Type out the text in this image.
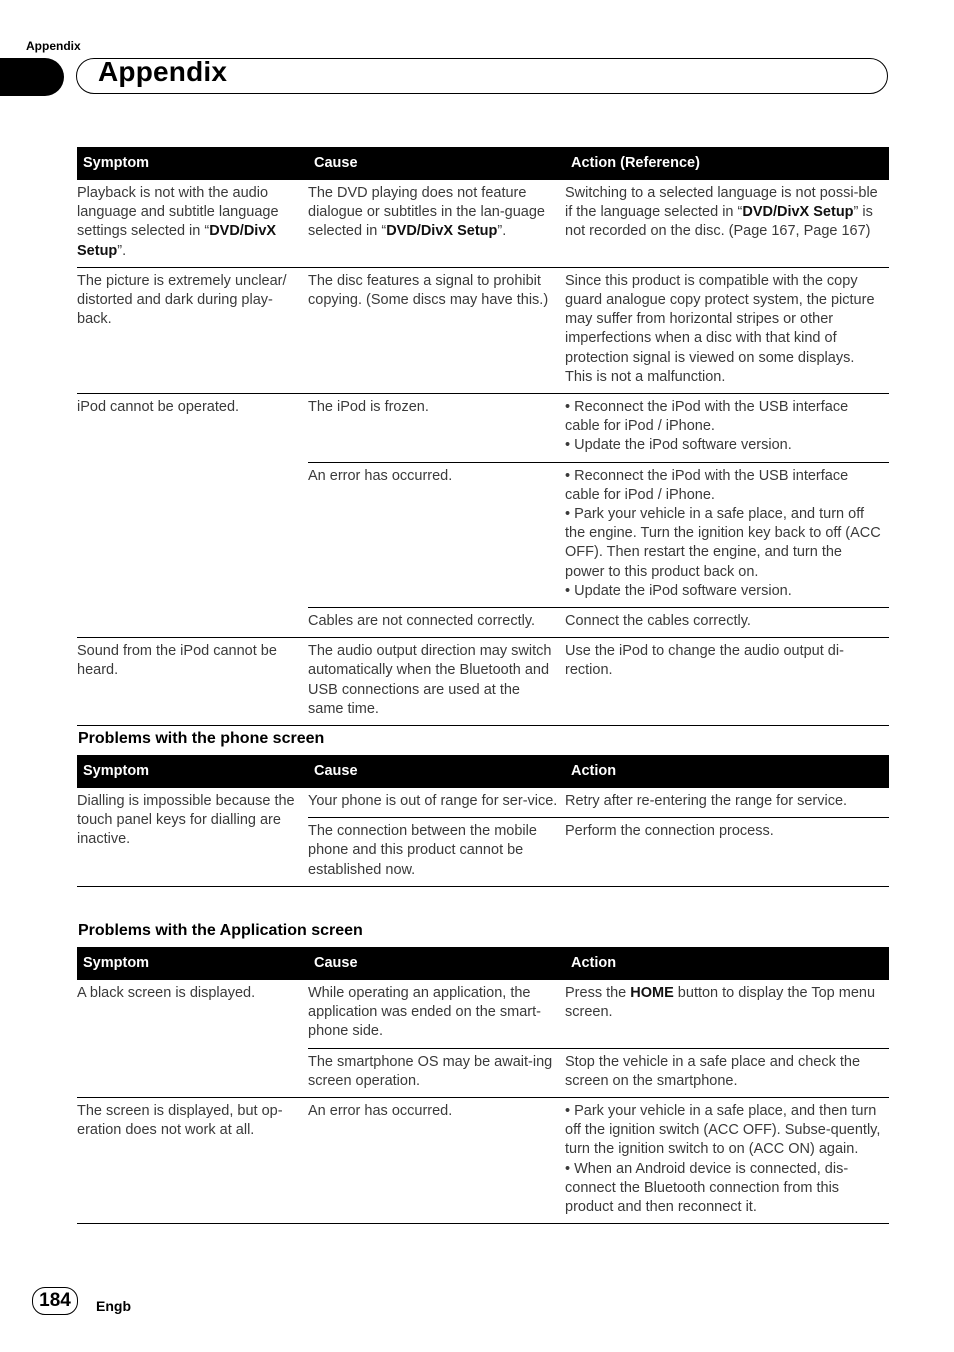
Appendix
Appendix
Symptom	Cause	Action (Reference)
Playback is not with the audio language and subtitle language settings selected in “DVD/DivX Setup”.	The DVD playing does not feature dialogue or subtitles in the lan-guage selected in “DVD/DivX Setup”.	Switching to a selected language is not possi-ble if the language selected in “DVD/DivX Setup” is not recorded on the disc. (Page 167, Page 167)
The picture is extremely unclear/ distorted and dark during play-back.	The disc features a signal to prohibit copying. (Some discs may have this.)	Since this product is compatible with the copy guard analogue copy protect system, the picture may suffer from horizontal stripes or other imperfections when a disc with that kind of protection signal is viewed on some displays. This is not a malfunction.
iPod cannot be operated.	The iPod is frozen.	• Reconnect the iPod with the USB interface cable for iPod / iPhone.
• Update the iPod software version.

	An error has occurred.	• Reconnect the iPod with the USB interface cable for iPod / iPhone.
• Park your vehicle in a safe place, and turn off the engine. Turn the ignition key back to off (ACC OFF). Then restart the engine, and turn the power to this product back on.
• Update the iPod software version.

	Cables are not connected correctly.	Connect the cables correctly.
Sound from the iPod cannot be heard.	The audio output direction may switch automatically when the Bluetooth and USB connections are used at the same time.	Use the iPod to change the audio output di-rection.
Problems with the phone screen
Symptom	Cause	Action
Dialling is impossible because the touch panel keys for dialling are inactive.	Your phone is out of range for ser-vice.	Retry after re-entering the range for service.
	The connection between the mobile phone and this product cannot be established now.	Perform the connection process.
Problems with the Application screen
Symptom	Cause	Action
A black screen is displayed.	While operating an application, the application was ended on the smart-phone side.	Press the HOME button to display the Top menu screen.
	The smartphone OS may be await-ing screen operation.	Stop the vehicle in a safe place and check the screen on the smartphone.
The screen is displayed, but op-eration does not work at all.	An error has occurred.	• Park your vehicle in a safe place, and then turn off the ignition switch (ACC OFF). Subse-quently, turn the ignition switch to on (ACC ON) again.
• When an Android device is connected, dis-connect the Bluetooth connection from this product and then reconnect it.
184	Engb
